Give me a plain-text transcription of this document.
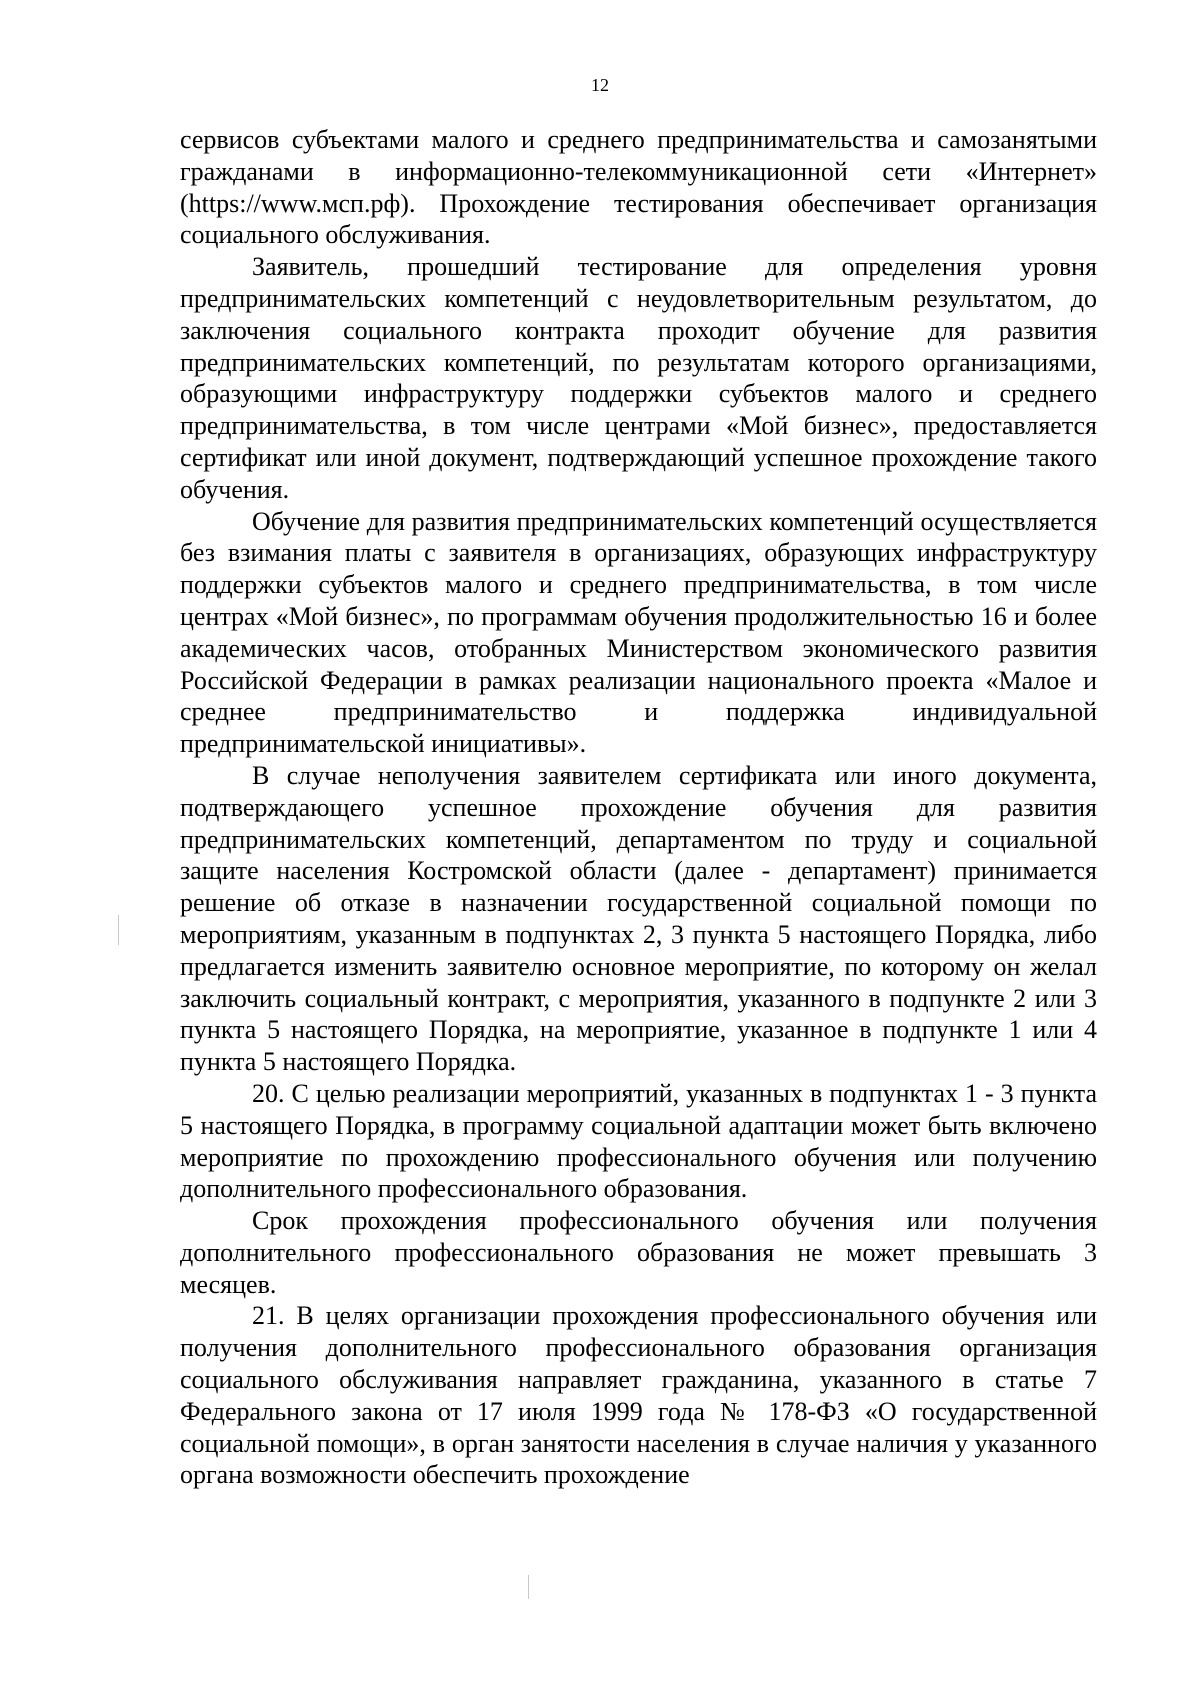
12

сервисов субъектами малого и среднего предпринимательства и самозанятыми гражданами в информационно-телекоммуникационной сети «Интернет» (https://www.мсп.рф). Прохождение тестирования обеспечивает организация социального обслуживания.

Заявитель, прошедший тестирование для определения уровня предпринимательских компетенций с неудовлетворительным результатом, до заключения социального контракта проходит обучение для развития предпринимательских компетенций, по результатам которого организациями, образующими инфраструктуру поддержки субъектов малого и среднего предпринимательства, в том числе центрами «Мой бизнес», предоставляется сертификат или иной документ, подтверждающий успешное прохождение такого обучения.

Обучение для развития предпринимательских компетенций осуществляется без взимания платы с заявителя в организациях, образующих инфраструктуру поддержки субъектов малого и среднего предпринимательства, в том числе центрах «Мой бизнес», по программам обучения продолжительностью 16 и более академических часов, отобранных Министерством экономического развития Российской Федерации в рамках реализации национального проекта «Малое и среднее предпринимательство и поддержка индивидуальной предпринимательской инициативы».

В случае неполучения заявителем сертификата или иного документа, подтверждающего успешное прохождение обучения для развития предпринимательских компетенций, департаментом по труду и социальной защите населения Костромской области (далее - департамент) принимается решение об отказе в назначении государственной социальной помощи по мероприятиям, указанным в подпунктах 2, 3 пункта 5 настоящего Порядка, либо предлагается изменить заявителю основное мероприятие, по которому он желал заключить социальный контракт, с мероприятия, указанного в подпункте 2 или 3 пункта 5 настоящего Порядка, на мероприятие, указанное в подпункте 1 или 4 пункта 5 настоящего Порядка.

20. С целью реализации мероприятий, указанных в подпунктах 1 - 3 пункта 5 настоящего Порядка, в программу социальной адаптации может быть включено мероприятие по прохождению профессионального обучения или получению дополнительного профессионального образования.

Срок прохождения профессионального обучения или получения дополнительного профессионального образования не может превышать 3 месяцев.

21. В целях организации прохождения профессионального обучения или получения дополнительного профессионального образования организация социального обслуживания направляет гражданина, указанного в статье 7 Федерального закона от 17 июля 1999 года № 178-ФЗ «О государственной социальной помощи», в орган занятости населения в случае наличия у указанного органа возможности обеспечить прохождение
